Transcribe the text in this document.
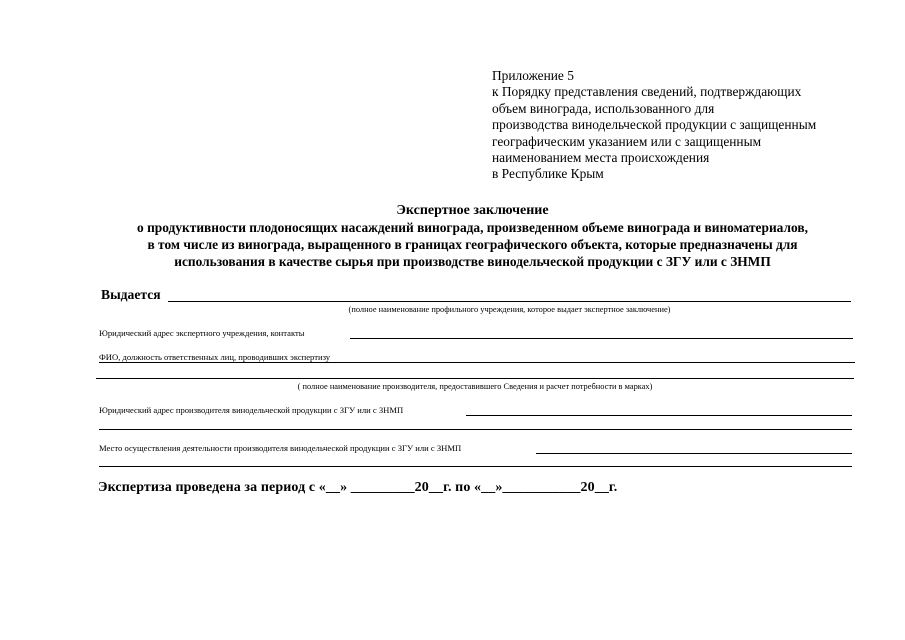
Приложение 5
к Порядку представления сведений, подтверждающих
объем винограда, использованного для
производства винодельческой продукции с защищенным
географическим указанием или с защищенным
наименованием места происхождения
в Республике Крым
Экспертное заключение
о продуктивности плодоносящих насаждений винограда, произведенном объеме винограда и виноматериалов,
в том числе из винограда, выращенного в границах географического объекта, которые предназначены для
использования в качестве сырья при производстве винодельческой продукции с ЗГУ или с ЗНМП
Выдается
(полное наименование профильного учреждения, которое выдает экспертное заключение)
Юридический адрес экспертного учреждения, контакты
ФИО, должность ответственных лиц, проводивших экспертизу
( полное наименование производителя, предоставившего Сведения и расчет потребности в марках)
Юридический адрес производителя винодельческой продукции с ЗГУ или с ЗНМП
Место осуществления деятельности производителя винодельческой продукции с ЗГУ или с ЗНМП
Экспертиза проведена за период с «__» _________20__г. по «__»___________20__г.
